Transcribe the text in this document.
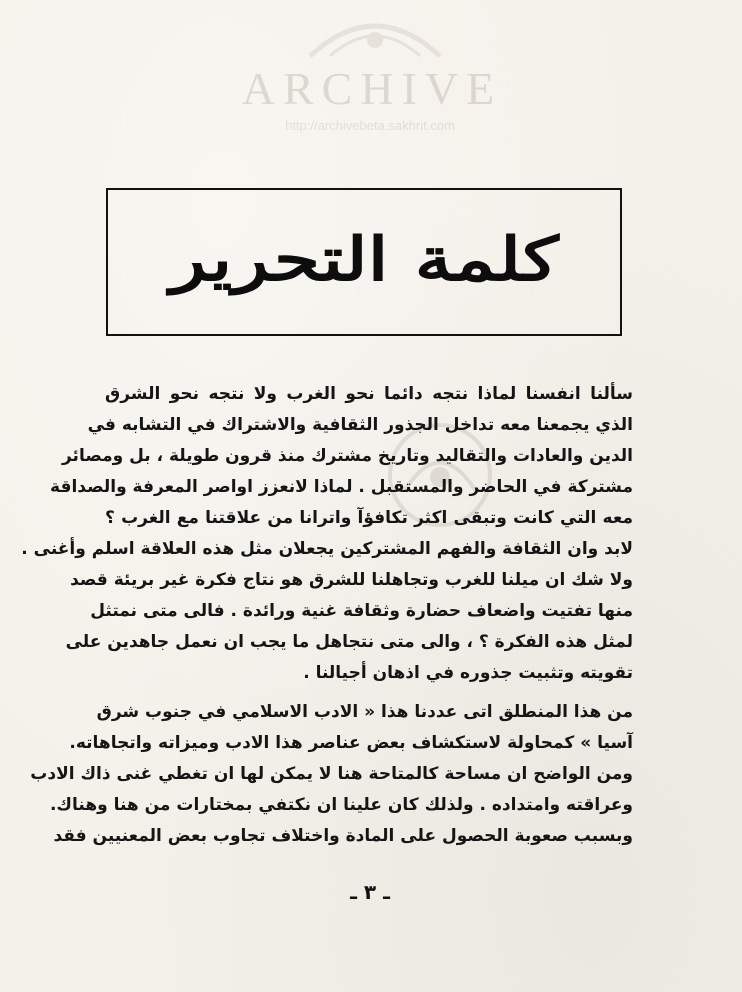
ARCHIVE
http://archivebeta.sakhrit.com
كلمة التحرير
سألنا انفسنا لماذا نتجه دائما نحو الغرب ولا نتجه نحو الشرق
الذي يجمعنا معه تداخل الجذور الثقافية والاشتراك في التشابه في
الدين والعادات والتقاليد وتاريخ مشترك منذ قرون طويلة ، بل ومصائر
مشتركة في الحاضر والمستقبل . لماذا لانعزز اواصر المعرفة والصداقة
معه التي كانت وتبقى اكثر تكافؤآ واترانا من علاقتنا مع الغرب ؟
لابد وان الثقافة والفهم المشتركين يجعلان مثل هذه العلاقة اسلم وأغنى .
ولا شك ان ميلنا للغرب وتجاهلنا للشرق هو نتاج فكرة غير بريئة قصد
منها تفتيت واضعاف حضارة وثقافة غنية ورائدة . فالى متى نمتثل
لمثل هذه الفكرة ؟ ، والى متى نتجاهل ما يجب ان نعمل جاهدين على
تقويته وتثبيت جذوره في اذهان أجيالنا .
من هذا المنطلق اتى عددنا هذا « الادب الاسلامي في جنوب شرق
آسيا » كمحاولة لاستكشاف بعض عناصر هذا الادب وميزاته واتجاهاته.
ومن الواضح ان مساحة كالمتاحة هنا لا يمكن لها ان تغطي غنى ذاك الادب
وعراقته وامتداده . ولذلك كان علينا ان نكتفي بمختارات من هنا وهناك.
وبسبب صعوبة الحصول على المادة واختلاف تجاوب بعض المعنيين فقد
ـ ٣ ـ
